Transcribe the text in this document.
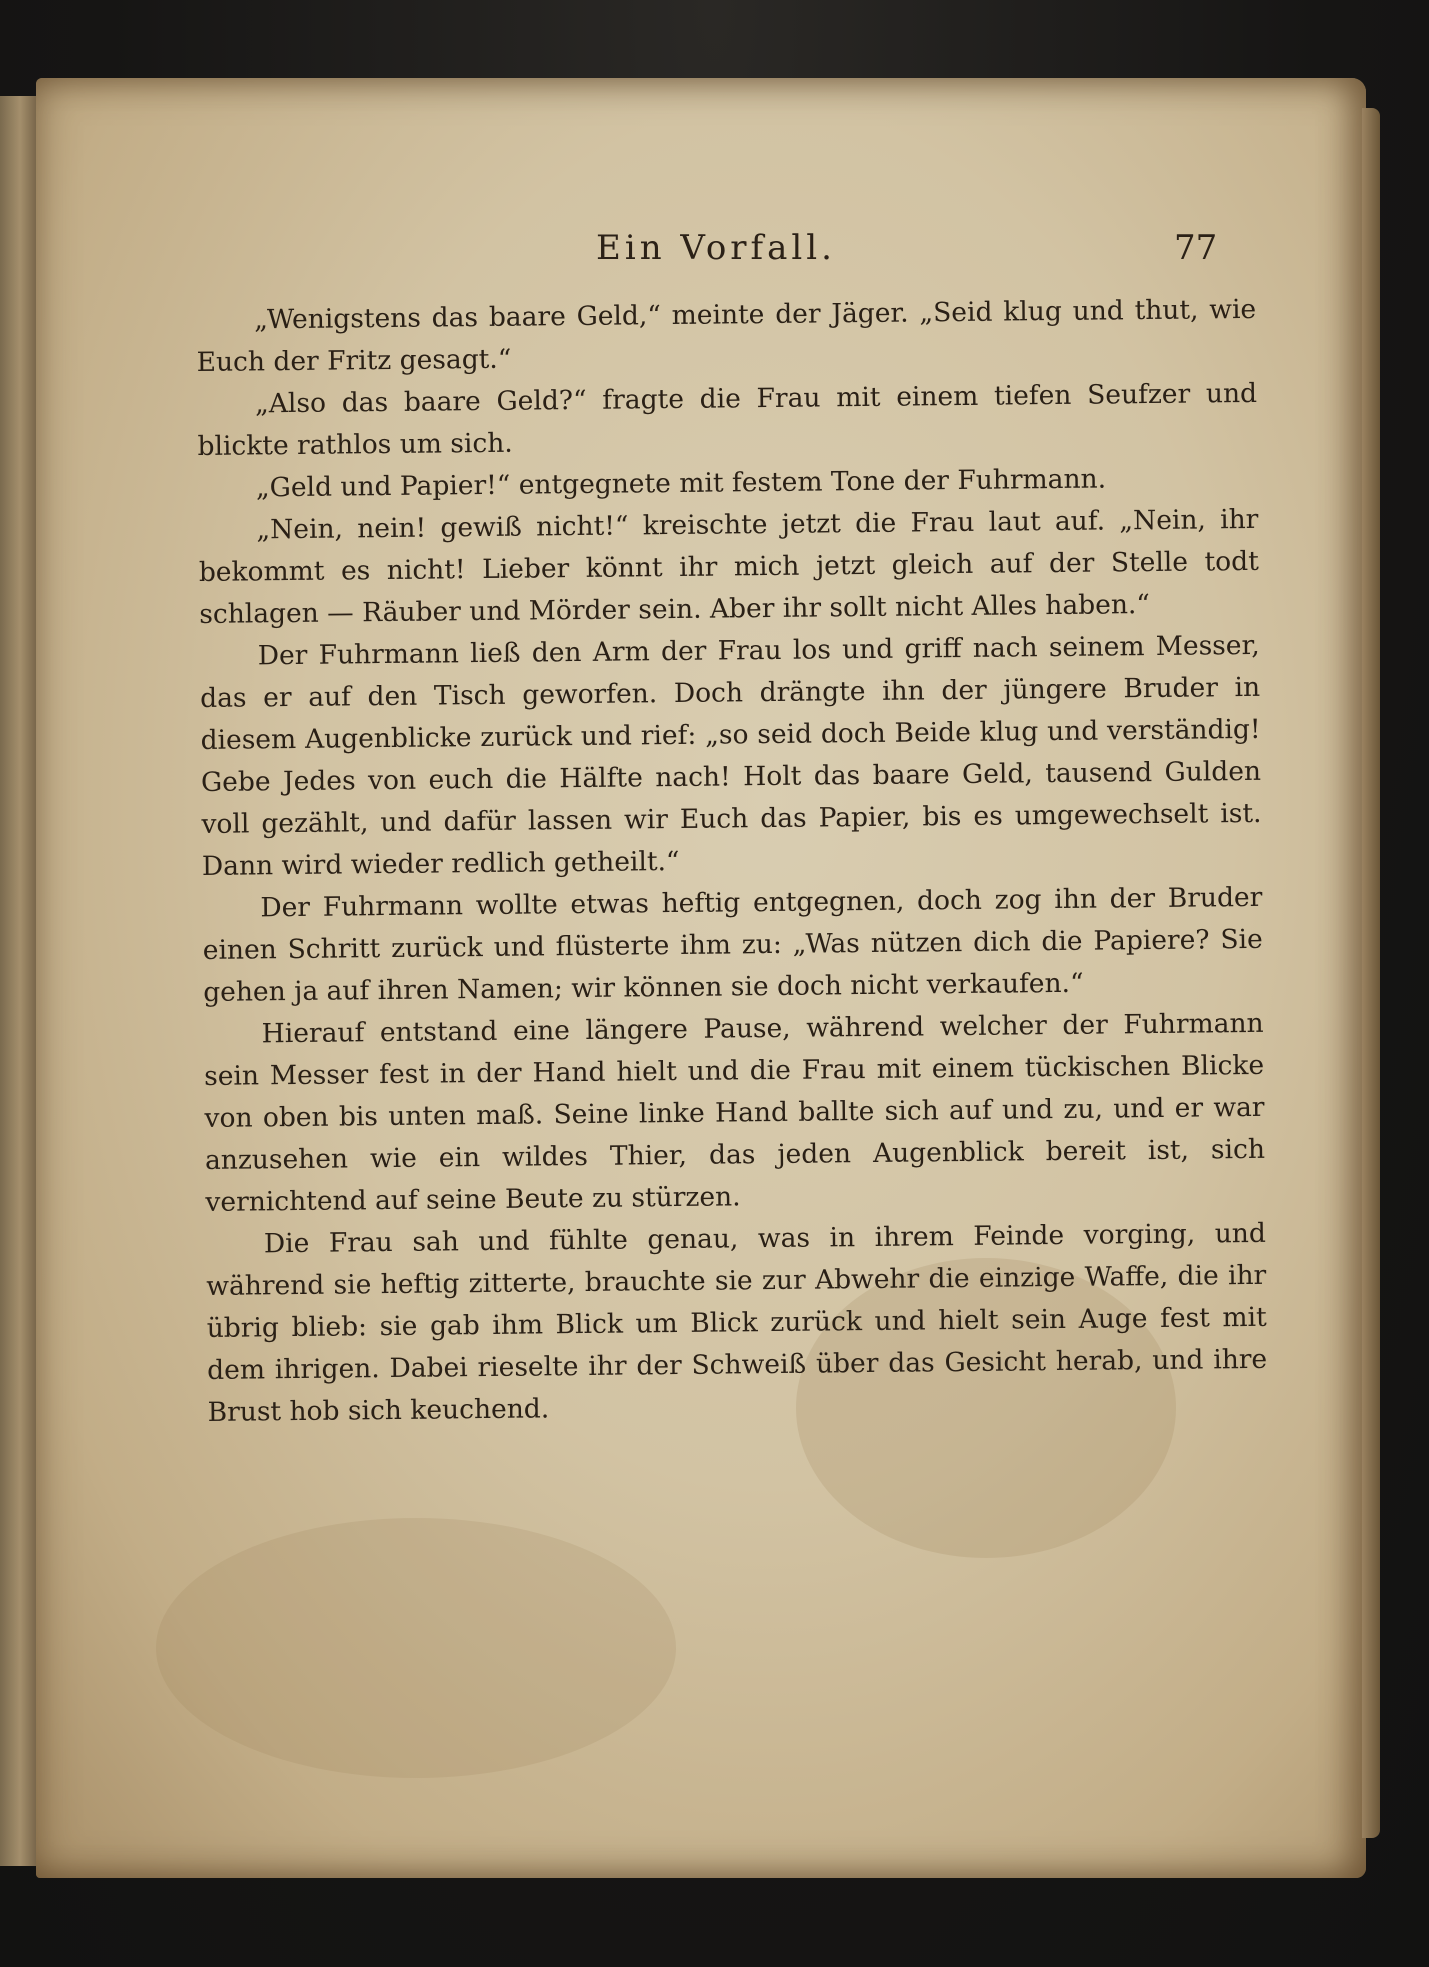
Ein Vorfall.	77

„Wenigstens das baare Geld,“ meinte der Jäger. „Seid klug und thut, wie Euch der Fritz gesagt.“

„Also das baare Geld?“ fragte die Frau mit einem tiefen Seufzer und blickte rathlos um sich.

„Geld und Papier!“ entgegnete mit festem Tone der Fuhrmann.

„Nein, nein! gewiß nicht!“ kreischte jetzt die Frau laut auf. „Nein, ihr bekommt es nicht! Lieber könnt ihr mich jetzt gleich auf der Stelle todt schlagen — Räuber und Mörder sein. Aber ihr sollt nicht Alles haben.“

Der Fuhrmann ließ den Arm der Frau los und griff nach seinem Messer, das er auf den Tisch geworfen. Doch drängte ihn der jüngere Bruder in diesem Augenblicke zurück und rief: „so seid doch Beide klug und verständig! Gebe Jedes von euch die Hälfte nach! Holt das baare Geld, tausend Gulden voll gezählt, und dafür lassen wir Euch das Papier, bis es umgewechselt ist. Dann wird wieder redlich getheilt.“

Der Fuhrmann wollte etwas heftig entgegnen, doch zog ihn der Bruder einen Schritt zurück und flüsterte ihm zu: „Was nützen dich die Papiere? Sie gehen ja auf ihren Namen; wir können sie doch nicht verkaufen.“

Hierauf entstand eine längere Pause, während welcher der Fuhrmann sein Messer fest in der Hand hielt und die Frau mit einem tückischen Blicke von oben bis unten maß. Seine linke Hand ballte sich auf und zu, und er war anzusehen wie ein wildes Thier, das jeden Augenblick bereit ist, sich vernichtend auf seine Beute zu stürzen.

Die Frau sah und fühlte genau, was in ihrem Feinde vorging, und während sie heftig zitterte, brauchte sie zur Abwehr die einzige Waffe, die ihr übrig blieb: sie gab ihm Blick um Blick zurück und hielt sein Auge fest mit dem ihrigen. Dabei rieselte ihr der Schweiß über das Gesicht herab, und ihre Brust hob sich keuchend.
